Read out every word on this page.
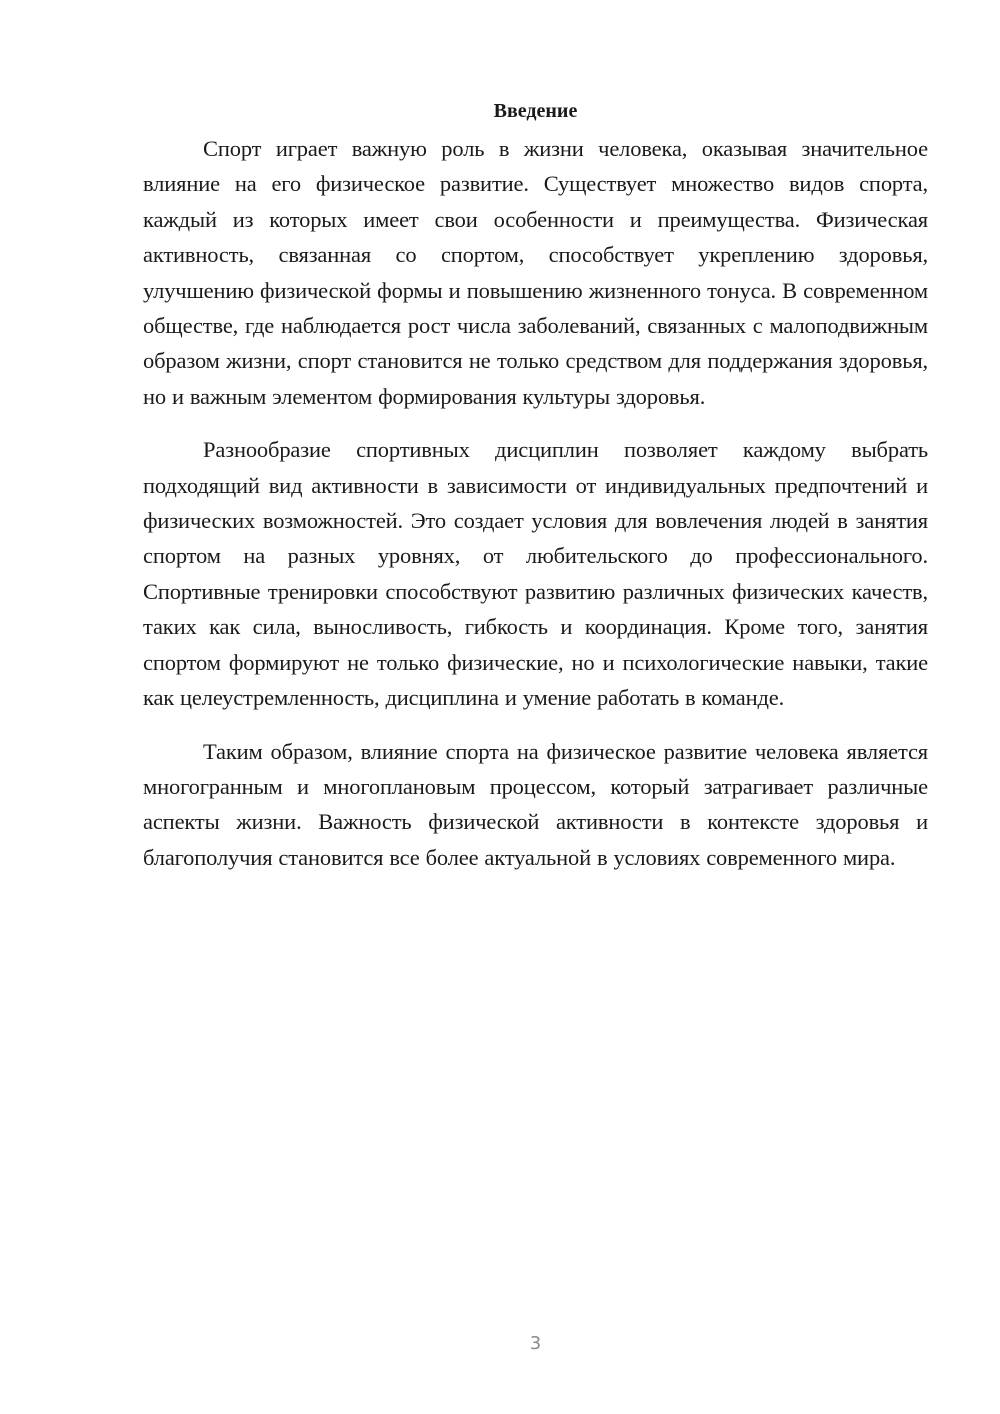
Введение

Спорт играет важную роль в жизни человека, оказывая значительное влияние на его физическое развитие. Существует множество видов спорта, каждый из которых имеет свои особенности и преимущества. Физическая активность, связанная со спортом, способствует укреплению здоровья, улучшению физической формы и повышению жизненного тонуса. В современном обществе, где наблюдается рост числа заболеваний, связанных с малоподвижным образом жизни, спорт становится не только средством для поддержания здоровья, но и важным элементом формирования культуры здоровья.

Разнообразие спортивных дисциплин позволяет каждому выбрать подходящий вид активности в зависимости от индивидуальных предпочтений и физических возможностей. Это создает условия для вовлечения людей в занятия спортом на разных уровнях, от любительского до профессионального. Спортивные тренировки способствуют развитию различных физических качеств, таких как сила, выносливость, гибкость и координация. Кроме того, занятия спортом формируют не только физические, но и психологические навыки, такие как целеустремленность, дисциплина и умение работать в команде.

Таким образом, влияние спорта на физическое развитие человека является многогранным и многоплановым процессом, который затрагивает различные аспекты жизни. Важность физической активности в контексте здоровья и благополучия становится все более актуальной в условиях современного мира.

3
